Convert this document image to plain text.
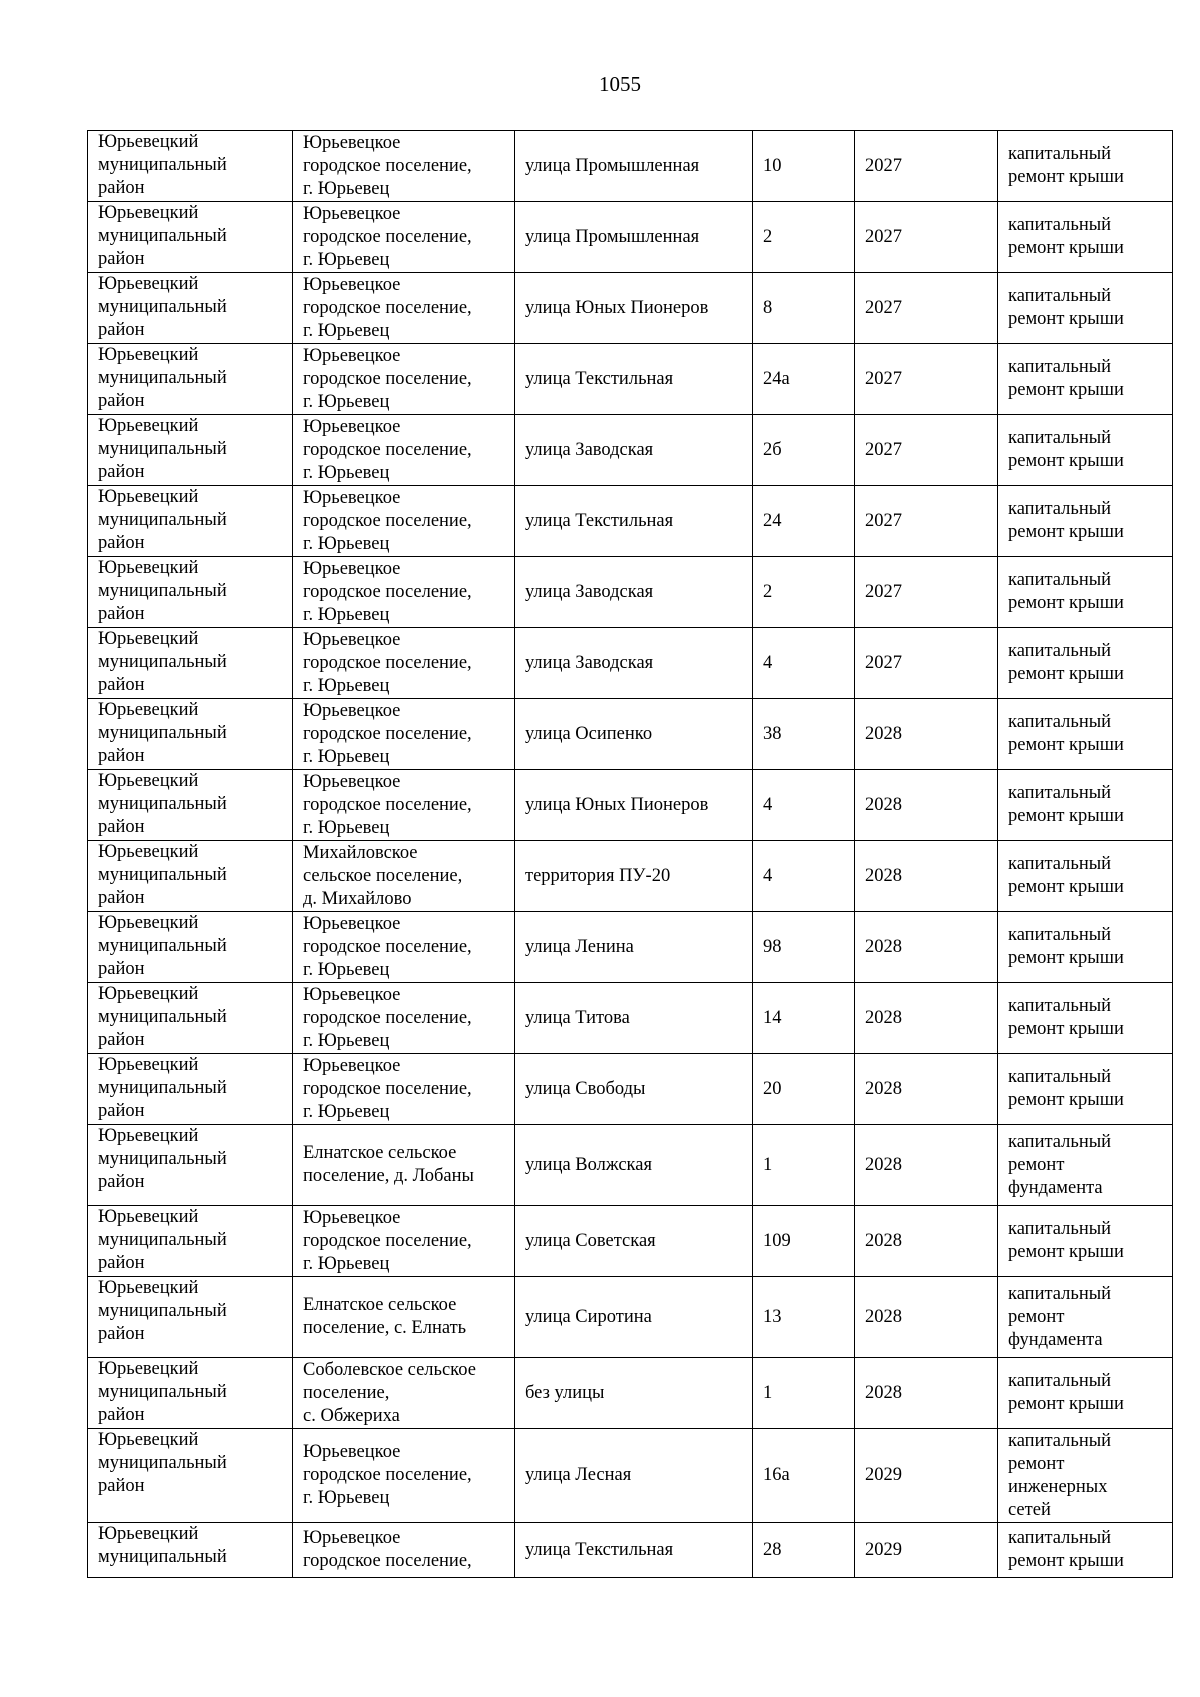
1055
Юрьевецкий
муниципальный
район	Юрьевецкое
городское поселение,
г. Юрьевец	улица Промышленная	10	2027	капитальный
ремонт крыши

Юрьевецкий
муниципальный
район	Юрьевецкое
городское поселение,
г. Юрьевец	улица Промышленная	2	2027	капитальный
ремонт крыши

Юрьевецкий
муниципальный
район	Юрьевецкое
городское поселение,
г. Юрьевец	улица Юных Пионеров	8	2027	капитальный
ремонт крыши

Юрьевецкий
муниципальный
район	Юрьевецкое
городское поселение,
г. Юрьевец	улица Текстильная	24а	2027	капитальный
ремонт крыши

Юрьевецкий
муниципальный
район	Юрьевецкое
городское поселение,
г. Юрьевец	улица Заводская	2б	2027	капитальный
ремонт крыши

Юрьевецкий
муниципальный
район	Юрьевецкое
городское поселение,
г. Юрьевец	улица Текстильная	24	2027	капитальный
ремонт крыши

Юрьевецкий
муниципальный
район	Юрьевецкое
городское поселение,
г. Юрьевец	улица Заводская	2	2027	капитальный
ремонт крыши

Юрьевецкий
муниципальный
район	Юрьевецкое
городское поселение,
г. Юрьевец	улица Заводская	4	2027	капитальный
ремонт крыши

Юрьевецкий
муниципальный
район	Юрьевецкое
городское поселение,
г. Юрьевец	улица Осипенко	38	2028	капитальный
ремонт крыши

Юрьевецкий
муниципальный
район	Юрьевецкое
городское поселение,
г. Юрьевец	улица Юных Пионеров	4	2028	капитальный
ремонт крыши

Юрьевецкий
муниципальный
район	Михайловское
сельское поселение,
д. Михайлово	территория ПУ-20	4	2028	капитальный
ремонт крыши

Юрьевецкий
муниципальный
район	Юрьевецкое
городское поселение,
г. Юрьевец	улица Ленина	98	2028	капитальный
ремонт крыши

Юрьевецкий
муниципальный
район	Юрьевецкое
городское поселение,
г. Юрьевец	улица Титова	14	2028	капитальный
ремонт крыши

Юрьевецкий
муниципальный
район	Юрьевецкое
городское поселение,
г. Юрьевец	улица Свободы	20	2028	капитальный
ремонт крыши

Юрьевецкий
муниципальный
район	Елнатское сельское
поселение, д. Лобаны	улица Волжская	1	2028	капитальный
ремонт
фундамента

Юрьевецкий
муниципальный
район	Юрьевецкое
городское поселение,
г. Юрьевец	улица Советская	109	2028	капитальный
ремонт крыши

Юрьевецкий
муниципальный
район	Елнатское сельское
поселение, с. Елнать	улица Сиротина	13	2028	капитальный
ремонт
фундамента

Юрьевецкий
муниципальный
район	Соболевское сельское
поселение,
с. Обжериха	без улицы	1	2028	капитальный
ремонт крыши

Юрьевецкий
муниципальный
район	Юрьевецкое
городское поселение,
г. Юрьевец	улица Лесная	16а	2029	капитальный
ремонт
инженерных
сетей

Юрьевецкий
муниципальный	Юрьевецкое
городское поселение,	улица Текстильная	28	2029	капитальный
ремонт крыши
